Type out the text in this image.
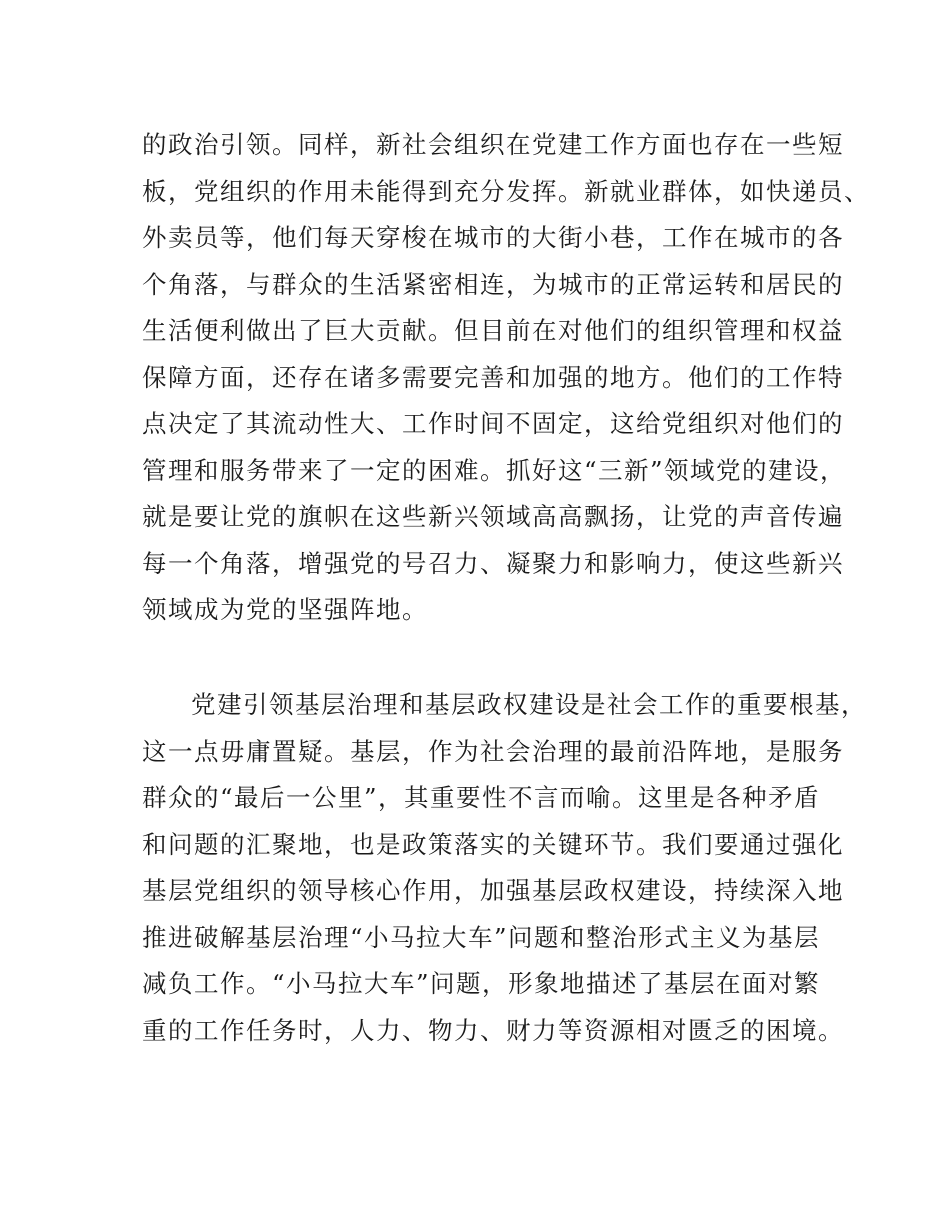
的政治引领。同样，新社会组织在党建工作方面也存在一些短
板，党组织的作用未能得到充分发挥。新就业群体，如快递员、
外卖员等，他们每天穿梭在城市的大街小巷，工作在城市的各
个角落，与群众的生活紧密相连，为城市的正常运转和居民的
生活便利做出了巨大贡献。但目前在对他们的组织管理和权益
保障方面，还存在诸多需要完善和加强的地方。他们的工作特
点决定了其流动性大、工作时间不固定，这给党组织对他们的
管理和服务带来了一定的困难。抓好这“三新”领域党的建设，
就是要让党的旗帜在这些新兴领域高高飘扬，让党的声音传遍
每一个角落，增强党的号召力、凝聚力和影响力，使这些新兴
领域成为党的坚强阵地。
党建引领基层治理和基层政权建设是社会工作的重要根基，
这一点毋庸置疑。基层，作为社会治理的最前沿阵地，是服务
群众的“最后一公里”，其重要性不言而喻。这里是各种矛盾
和问题的汇聚地，也是政策落实的关键环节。我们要通过强化
基层党组织的领导核心作用，加强基层政权建设，持续深入地
推进破解基层治理“小马拉大车”问题和整治形式主义为基层
减负工作。“小马拉大车”问题，形象地描述了基层在面对繁
重的工作任务时，人力、物力、财力等资源相对匮乏的困境。
